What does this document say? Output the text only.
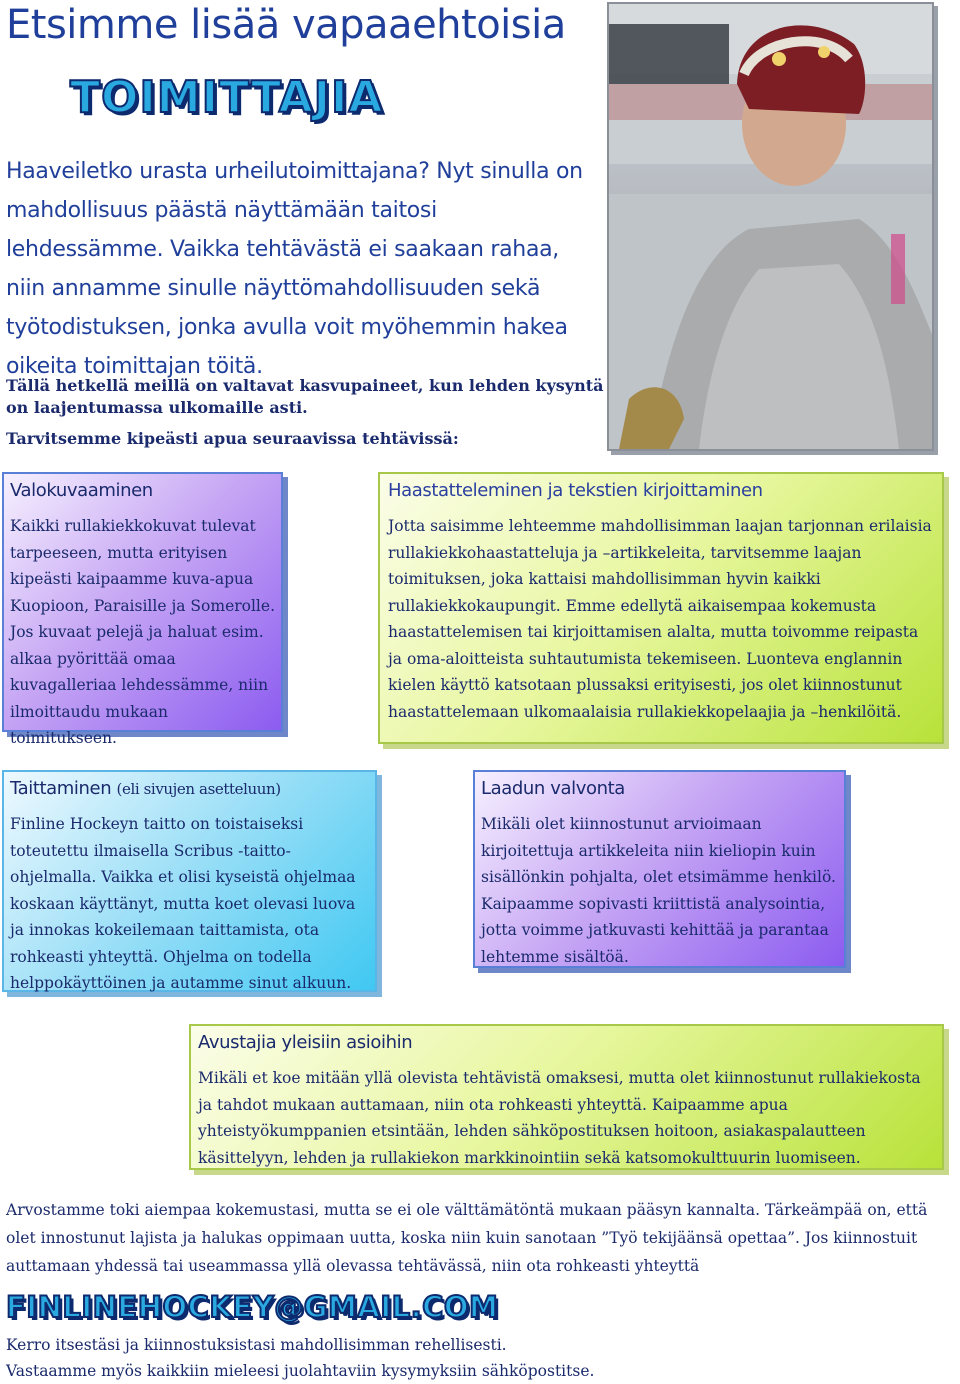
Etsimme lisää vapaaehtoisia
TOIMITTAJIA
Haaveiletko urasta urheilutoimittajana? Nyt sinulla on mahdollisuus päästä näyttämään taitosi lehdessämme. Vaikka tehtävästä ei saakaan rahaa, niin annamme sinulle näyttömahdollisuuden sekä työtodistuksen, jonka avulla voit myöhemmin hakea oikeita toimittajan töitä.
Tällä hetkellä meillä on valtavat kasvupaineet, kun lehden kysyntä on laajentumassa ulkomaille asti.
Tarvitsemme kipeästi apua seuraavissa tehtävissä:
Valokuvaaminen
Kaikki rullakiekkokuvat tulevat tarpeeseen, mutta erityisen kipeästi kaipaamme kuva-apua Kuopioon, Paraisille ja Somerolle. Jos kuvaat pelejä ja haluat esim. alkaa pyörittää omaa kuvagalleriaa lehdessämme, niin ilmoittaudu mukaan toimitukseen.
Haastatteleminen ja tekstien kirjoittaminen
Jotta saisimme lehteemme mahdollisimman laajan tarjonnan erilaisia rullakiekkohaastatteluja ja –artikkeleita, tarvitsemme laajan toimituksen, joka kattaisi mahdollisimman hyvin kaikki rullakiekkokaupungit. Emme edellytä aikaisempaa kokemusta haastattelemisen tai kirjoittamisen alalta, mutta toivomme reipasta ja oma-aloitteista suhtautumista tekemiseen. Luonteva englannin kielen käyttö katsotaan plussaksi erityisesti, jos olet kiinnostunut haastattelemaan ulkomaalaisia rullakiekkopelaajia ja –henkilöitä.
Taittaminen (eli sivujen asetteluun)
Finline Hockeyn taitto on toistaiseksi toteutettu ilmaisella Scribus -taitto-ohjelmalla. Vaikka et olisi kyseistä ohjelmaa koskaan käyttänyt, mutta koet olevasi luova ja innokas kokeilemaan taittamista, ota rohkeasti yhteyttä. Ohjelma on todella helppokäyttöinen ja autamme sinut alkuun.
Laadun valvonta
Mikäli olet kiinnostunut arvioimaan kirjoitettuja artikkeleita niin kieliopin kuin sisällönkin pohjalta, olet etsimämme henkilö. Kaipaamme sopivasti kriittistä analysointia, jotta voimme jatkuvasti kehittää ja parantaa lehtemme sisältöä.
Avustajia yleisiin asioihin
Mikäli et koe mitään yllä olevista tehtävistä omaksesi, mutta olet kiinnostunut rullakiekosta ja tahdot mukaan auttamaan, niin ota rohkeasti yhteyttä. Kaipaamme apua yhteistyökumppanien etsintään, lehden sähköpostituksen hoitoon, asiakaspalautteen käsittelyyn, lehden ja rullakiekon markkinointiin sekä katsomokulttuurin luomiseen.
Arvostamme toki aiempaa kokemustasi, mutta se ei ole välttämätöntä mukaan pääsyn kannalta. Tärkeämpää on, että olet innostunut lajista ja halukas oppimaan uutta, koska niin kuin sanotaan ”Työ tekijäänsä opettaa”. Jos kiinnostuit auttamaan yhdessä tai useammassa yllä olevassa tehtävässä, niin ota rohkeasti yhteyttä
FINLINEHOCKEY@GMAIL.COM
Kerro itsestäsi ja kiinnostuksistasi mahdollisimman rehellisesti.
Vastaamme myös kaikkiin mieleesi juolahtaviin kysymyksiin sähköpostitse.
